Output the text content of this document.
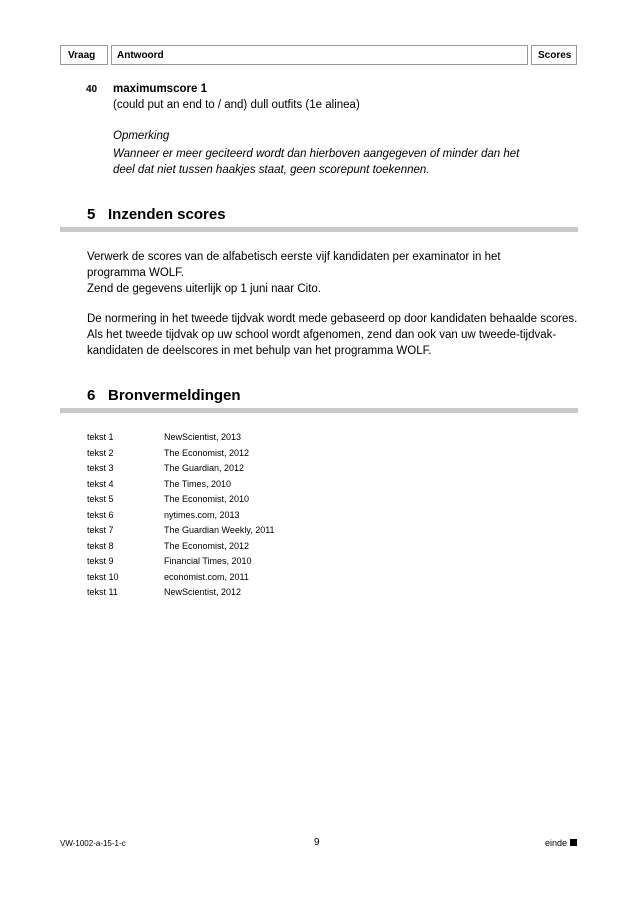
Vraag	Antwoord	Scores
40 maximumscore 1
(could put an end to / and) dull outfits (1e alinea)
Opmerking
Wanneer er meer geciteerd wordt dan hierboven aangegeven of minder dan het deel dat niet tussen haakjes staat, geen scorepunt toekennen.
5 Inzenden scores
Verwerk de scores van de alfabetisch eerste vijf kandidaten per examinator in het programma WOLF.
Zend de gegevens uiterlijk op 1 juni naar Cito.
De normering in het tweede tijdvak wordt mede gebaseerd op door kandidaten behaalde scores. Als het tweede tijdvak op uw school wordt afgenomen, zend dan ook van uw tweede-tijdvak-kandidaten de deelscores in met behulp van het programma WOLF.
6 Bronvermeldingen
tekst 1	NewScientist, 2013
tekst 2	The Economist, 2012
tekst 3	The Guardian, 2012
tekst 4	The Times, 2010
tekst 5	The Economist, 2010
tekst 6	nytimes.com, 2013
tekst 7	The Guardian Weekly, 2011
tekst 8	The Economist, 2012
tekst 9	Financial Times, 2010
tekst 10	economist.com, 2011
tekst 11	NewScientist, 2012
VW-1002-a-15-1-c	9	einde
